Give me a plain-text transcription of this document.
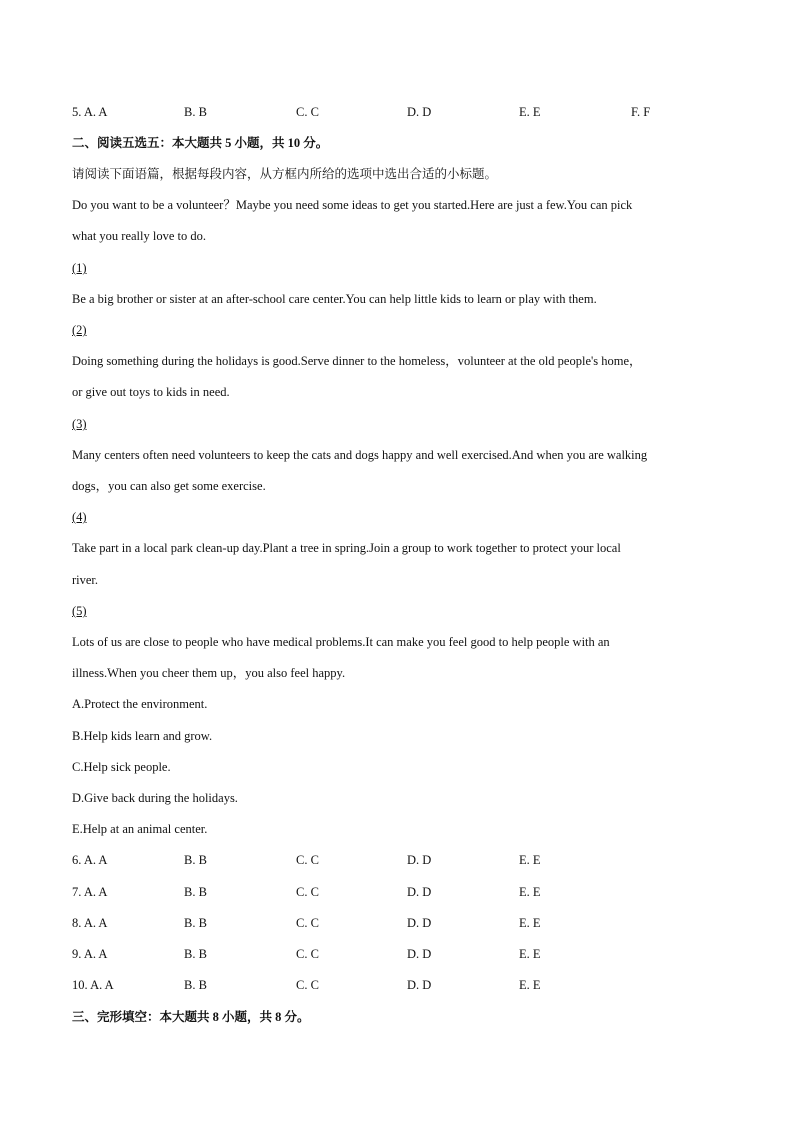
5. A. A	B. B	C. C	D. D	E. E	F. F
二、阅读五选五：本大题共 5 小题，共 10 分。
请阅读下面语篇，根据每段内容，从方框内所给的选项中选出合适的小标题。
Do you want to be a volunteer？Maybe you need some ideas to get you started.Here are just a few.You can pick
what you really love to do.
(1)
Be a big brother or sister at an after-school care center.You can help little kids to learn or play with them.
(2)
Doing something during the holidays is good.Serve dinner to the homeless，volunteer at the old people's home，
or give out toys to kids in need.
(3)
Many centers often need volunteers to keep the cats and dogs happy and well exercised.And when you are walking
dogs，you can also get some exercise.
(4)
Take part in a local park clean-up day.Plant a tree in spring.Join a group to work together to protect your local
river.
(5)
Lots of us are close to people who have medical problems.It can make you feel good to help people with an
illness.When you cheer them up，you also feel happy.
A.Protect the environment.
B.Help kids learn and grow.
C.Help sick people.
D.Give back during the holidays.
E.Help at an animal center.
6. A. A	B. B	C. C	D. D	E. E
7. A. A	B. B	C. C	D. D	E. E
8. A. A	B. B	C. C	D. D	E. E
9. A. A	B. B	C. C	D. D	E. E
10. A. A	B. B	C. C	D. D	E. E
三、完形填空：本大题共 8 小题，共 8 分。
